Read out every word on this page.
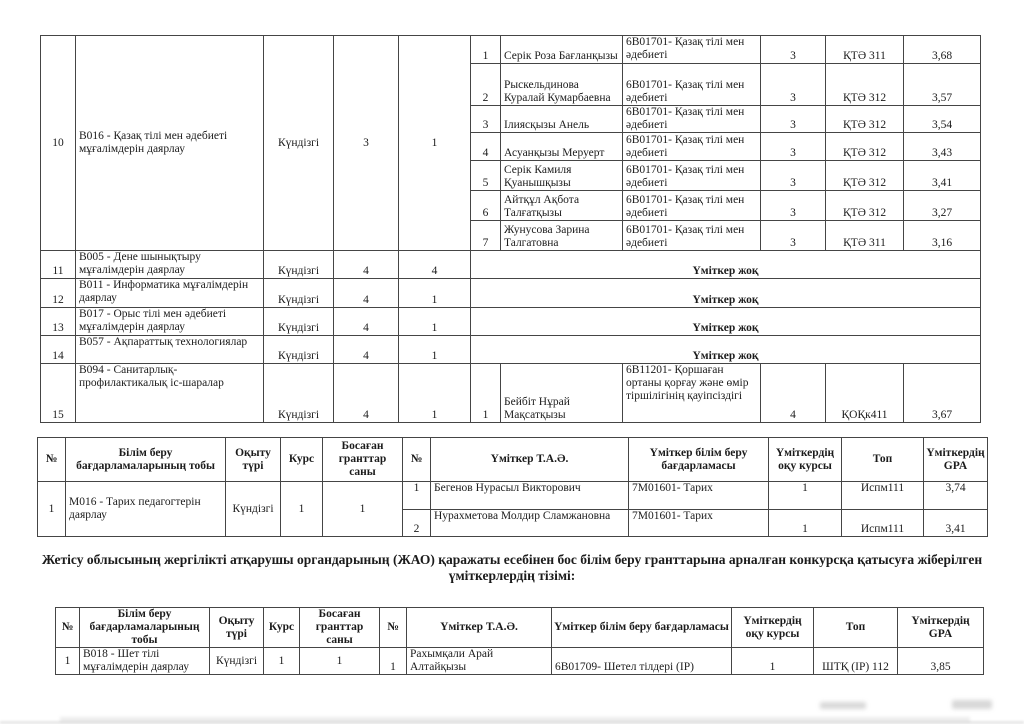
10	В016 - Қазақ тілі мен әдебиеті мұғалімдерін даярлау	Күндізгі	3	1	1	Серік Роза Бағланқызы	6В01701- Қазақ тілі мен әдебиеті	3	ҚТӘ 311	3,68
					2	Рыскельдинова Куралай Кумарбаевна	6В01701- Қазақ тілі мен әдебиеті	3	ҚТӘ 312	3,57
					3	Ілиясқызы Анель	6В01701- Қазақ тілі мен әдебиеті	3	ҚТӘ 312	3,54
					4	Асуанқызы Меруерт	6В01701- Қазақ тілі мен әдебиеті	3	ҚТӘ 312	3,43
					5	Серік Камиля Қуанышқызы	6В01701- Қазақ тілі мен әдебиеті	3	ҚТӘ 312	3,41
					6	Айтқұл Ақбота Талғатқызы	6В01701- Қазақ тілі мен әдебиеті	3	ҚТӘ 312	3,27
					7	Жунусова Зарина Талгатовна	6В01701- Қазақ тілі мен әдебиеті	3	ҚТӘ 311	3,16
11	В005 - Дене шынықтыру мұғалімдерін даярлау	Күндізгі	4	4	Үміткер жоқ					
12	В011 - Информатика мұғалімдерін даярлау	Күндізгі	4	1	Үміткер жоқ					
13	В017 - Орыс тілі мен әдебиеті мұғалімдерін даярлау	Күндізгі	4	1	Үміткер жоқ					
14	В057 - Ақпараттық технологиялар	Күндізгі	4	1	Үміткер жоқ					
15	В094 - Санитарлық-профилактикалық іс-шаралар	Күндізгі	4	1	1	Бейбіт Нұрай Мақсатқызы	6В11201- Қоршаған ортаны қорғау және өмір тіршілігінің қауіпсіздігі	4	ҚОҚк411	3,67
№	Білім беру бағдарламаларының тобы	Оқыту түрі	Курс	Босаған гранттар саны	№	Үміткер Т.А.Ә.	Үміткер білім беру бағдарламасы	Үміткердің оқу курсы	Топ	Үміткердің GPA
1	М016 - Тарих педагогтерін даярлау	Күндізгі	1	1	1	Бегенов Нурасыл Викторович	7М01601- Тарих	1	Испм111	3,74
					2	Нурахметова Молдир Сламжановна	7М01601- Тарих	1	Испм111	3,41
Жетісу облысының жергілікті атқарушы органдарының (ЖАО) қаражаты есебінен бос білім беру гранттарына арналған конкурсқа қатысуға жіберілген үміткерлердің тізімі:
№	Білім беру бағдарламаларының тобы	Оқыту түрі	Курс	Босаған гранттар саны	№	Үміткер Т.А.Ә.	Үміткер білім беру бағдарламасы	Үміткердің оқу курсы	Топ	Үміткердің GPA
1	В018 - Шет тілі мұғалімдерін даярлау	Күндізгі	1	1	1	Рахымқали Арай Алтайқызы	6В01709- Шетел тілдері (IP)	1	ШТҚ (IP) 112	3,85
